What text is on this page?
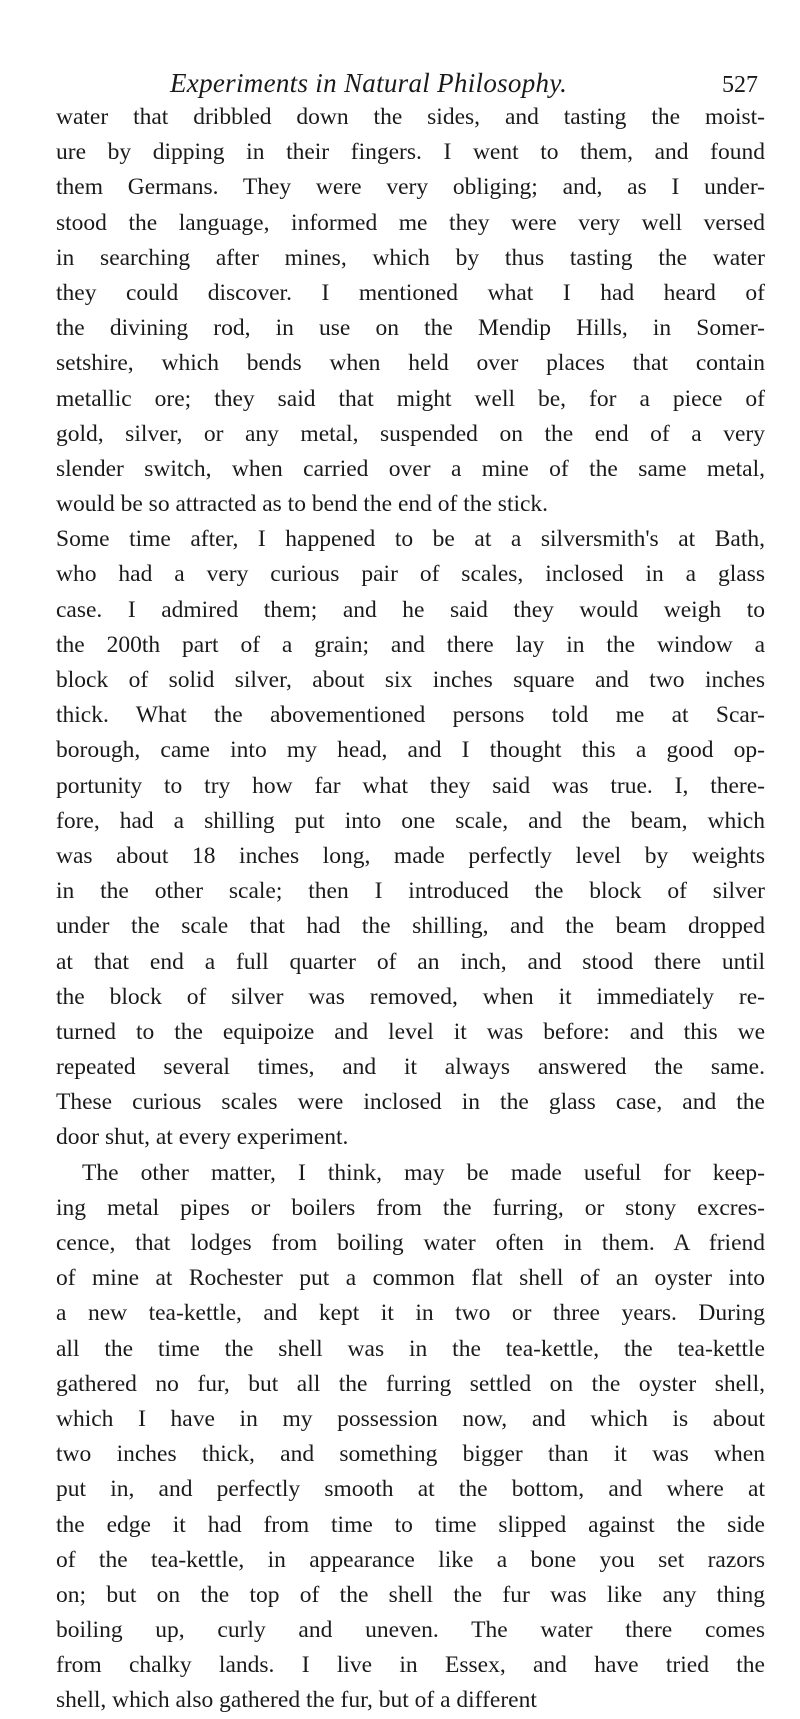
Experiments in Natural Philosophy.	527
water that dribbled down the sides, and tasting the moist-
ure by dipping in their fingers. I went to them, and found
them Germans. They were very obliging; and, as I under-
stood the language, informed me they were very well versed
in searching after mines, which by thus tasting the water
they could discover. I mentioned what I had heard of
the divining rod, in use on the Mendip Hills, in Somer-
setshire, which bends when held over places that contain
metallic ore; they said that might well be, for a piece of
gold, silver, or any metal, suspended on the end of a very
slender switch, when carried over a mine of the same metal,
would be so attracted as to bend the end of the stick.
Some time after, I happened to be at a silversmith's at Bath,
who had a very curious pair of scales, inclosed in a glass
case. I admired them; and he said they would weigh to
the 200th part of a grain; and there lay in the window a
block of solid silver, about six inches square and two inches
thick. What the abovementioned persons told me at Scar-
borough, came into my head, and I thought this a good op-
portunity to try how far what they said was true. I, there-
fore, had a shilling put into one scale, and the beam, which
was about 18 inches long, made perfectly level by weights
in the other scale; then I introduced the block of silver
under the scale that had the shilling, and the beam dropped
at that end a full quarter of an inch, and stood there until
the block of silver was removed, when it immediately re-
turned to the equipoize and level it was before: and this we
repeated several times, and it always answered the same.
These curious scales were inclosed in the glass case, and the
door shut, at every experiment.
The other matter, I think, may be made useful for keep-
ing metal pipes or boilers from the furring, or stony excres-
cence, that lodges from boiling water often in them. A friend
of mine at Rochester put a common flat shell of an oyster into
a new tea-kettle, and kept it in two or three years. During
all the time the shell was in the tea-kettle, the tea-kettle
gathered no fur, but all the furring settled on the oyster shell,
which I have in my possession now, and which is about
two inches thick, and something bigger than it was when
put in, and perfectly smooth at the bottom, and where at
the edge it had from time to time slipped against the side
of the tea-kettle, in appearance like a bone you set razors
on; but on the top of the shell the fur was like any thing
boiling up, curly and uneven. The water there comes
from chalky lands. I live in Essex, and have tried the
shell, which also gathered the fur, but of a different
